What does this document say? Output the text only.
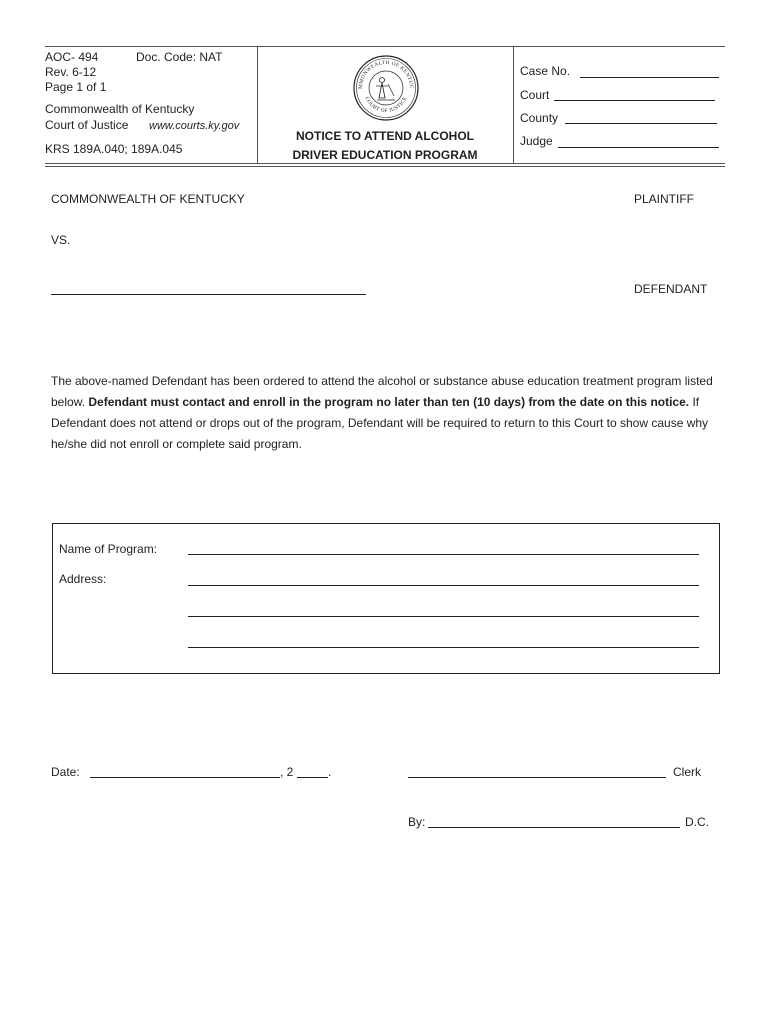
AOC- 494	Doc. Code: NAT
Rev. 6-12
Page 1 of 1
Commonwealth of Kentucky
Court of Justice www.courts.ky.gov
KRS 189A.040; 189A.045
MMONWEALTH OF KENTUC
COURT OF JUSTICE
NOTICE TO ATTEND ALCOHOL
DRIVER EDUCATION PROGRAM
Case No.
Court
County
Judge
COMMONWEALTH OF KENTUCKY	PLAINTIFF
VS.
DEFENDANT
The above-named Defendant has been ordered to attend the alcohol or substance abuse education treatment program listed below. Defendant must contact and enroll in the program no later than ten (10 days) from the date on this notice. If Defendant does not attend or drops out of the program, Defendant will be required to return to this Court to show cause why he/she did not enroll or complete said program.
Name of Program:
Address:
Date:	, 2	.	Clerk
By:	D.C.
